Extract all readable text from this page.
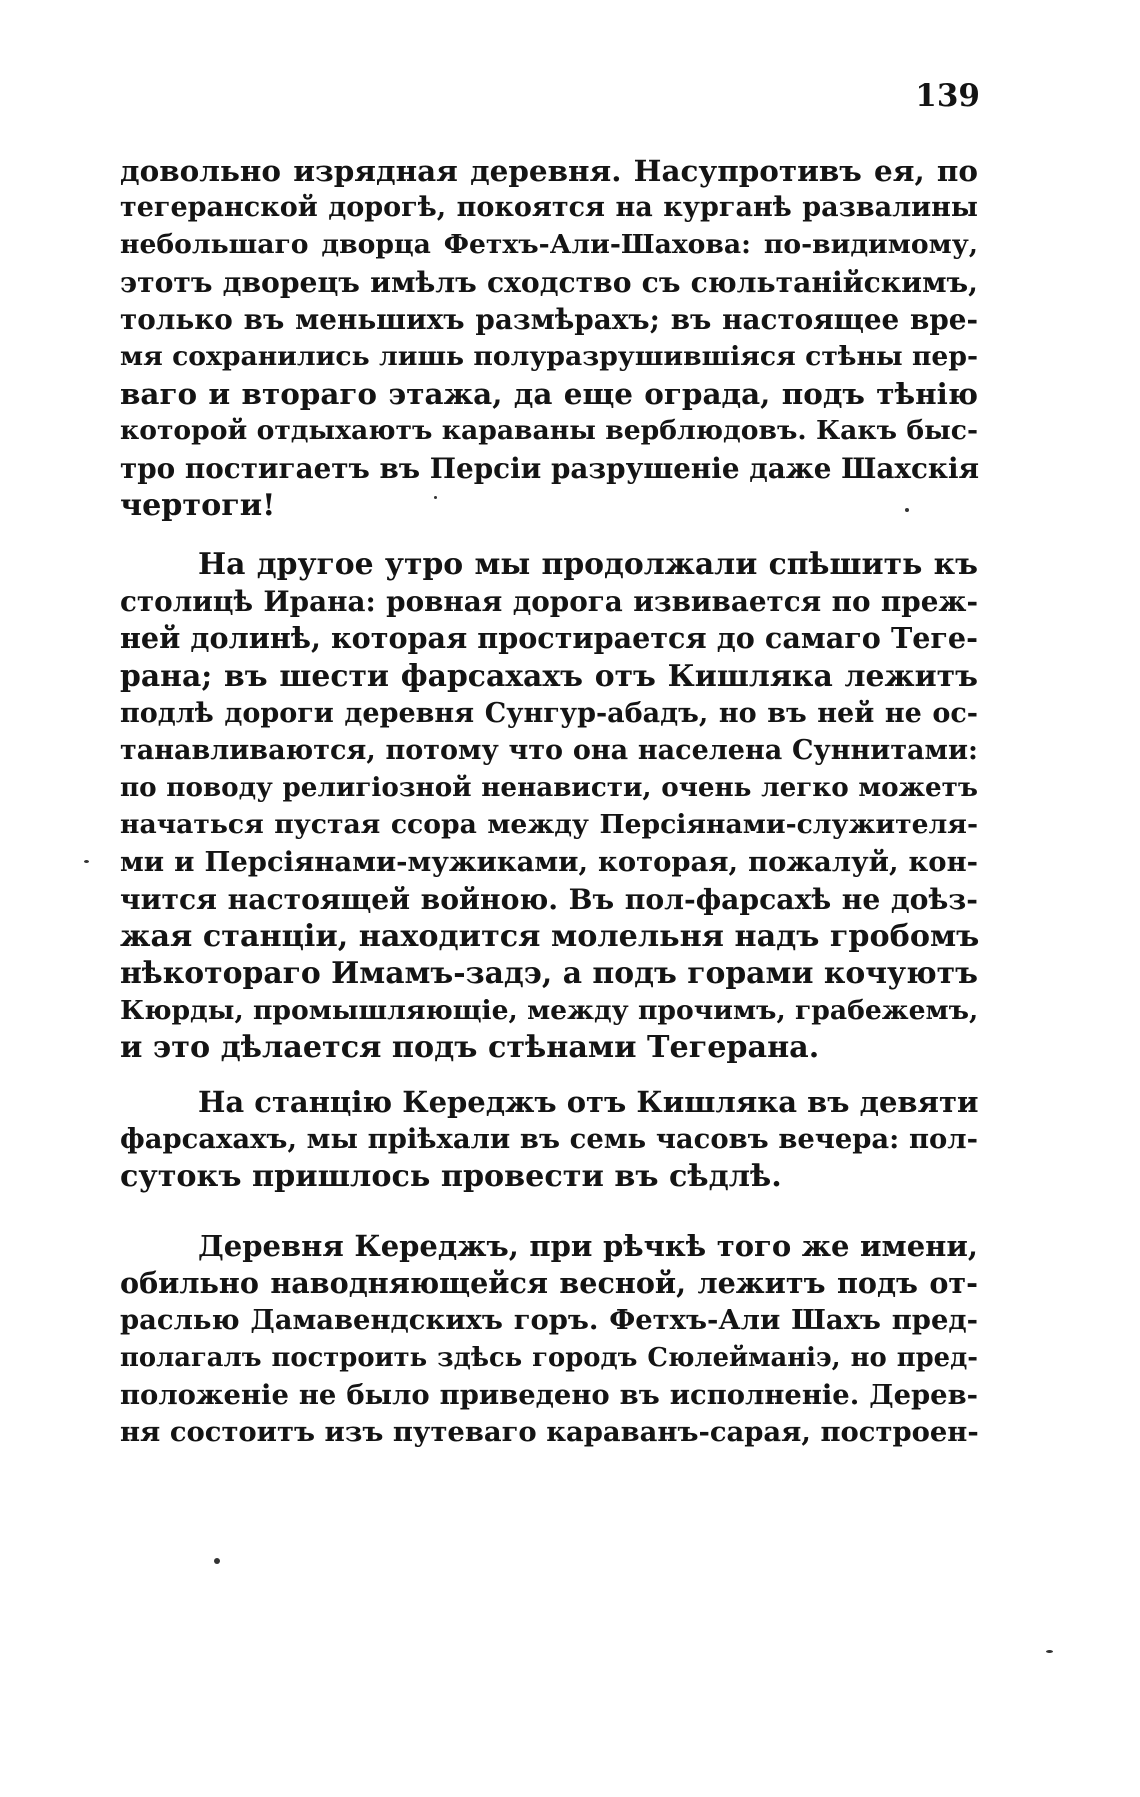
139
довольно изрядная деревня. Насупротивъ ея, по
тегеранской дорогѣ, покоятся на курганѣ развалины
небольшаго дворца Фетхъ-Али-Шахова: по-видимому,
этотъ дворецъ имѣлъ сходство съ сюльтанійскимъ,
только въ меньшихъ размѣрахъ; въ настоящее вре-
мя сохранились лишь полуразрушившіяся стѣны пер-
ваго и втораго этажа, да еще ограда, подъ тѣнію
которой отдыхаютъ караваны верблюдовъ. Какъ быс-
тро постигаетъ въ Персіи разрушеніе даже Шахскія
чертоги!
На другое утро мы продолжали спѣшить къ
столицѣ Ирана: ровная дорога извивается по преж-
ней долинѣ, которая простирается до самаго Теге-
рана; въ шести фарсахахъ отъ Кишляка лежитъ
подлѣ дороги деревня Сунгур-абадъ, но въ ней не ос-
танавливаются, потому что она населена Суннитами:
по поводу религіозной ненависти, очень легко можетъ
начаться пустая ссора между Персіянами-служителя-
ми и Персіянами-мужиками, которая, пожалуй, кон-
чится настоящей войною. Въ пол-фарсахѣ не доѣз-
жая станціи, находится молельня надъ гробомъ
нѣкотораго Имамъ-задэ, а подъ горами кочуютъ
Кюрды, промышляющіе, между прочимъ, грабежемъ,
и это дѣлается подъ стѣнами Тегерана.
На станцію Кереджъ отъ Кишляка въ девяти
фарсахахъ, мы пріѣхали въ семь часовъ вечера: пол-
сутокъ пришлось провести въ сѣдлѣ.
Деревня Кереджъ, при рѣчкѣ того же имени,
обильно наводняющейся весной, лежитъ подъ от-
раслью Дамавендскихъ горъ. Фетхъ-Али Шахъ пред-
полагалъ построить здѣсь городъ Сюлейманіэ, но пред-
положеніе не было приведено въ исполненіе. Дерев-
ня состоитъ изъ путеваго караванъ-сарая, построен-
